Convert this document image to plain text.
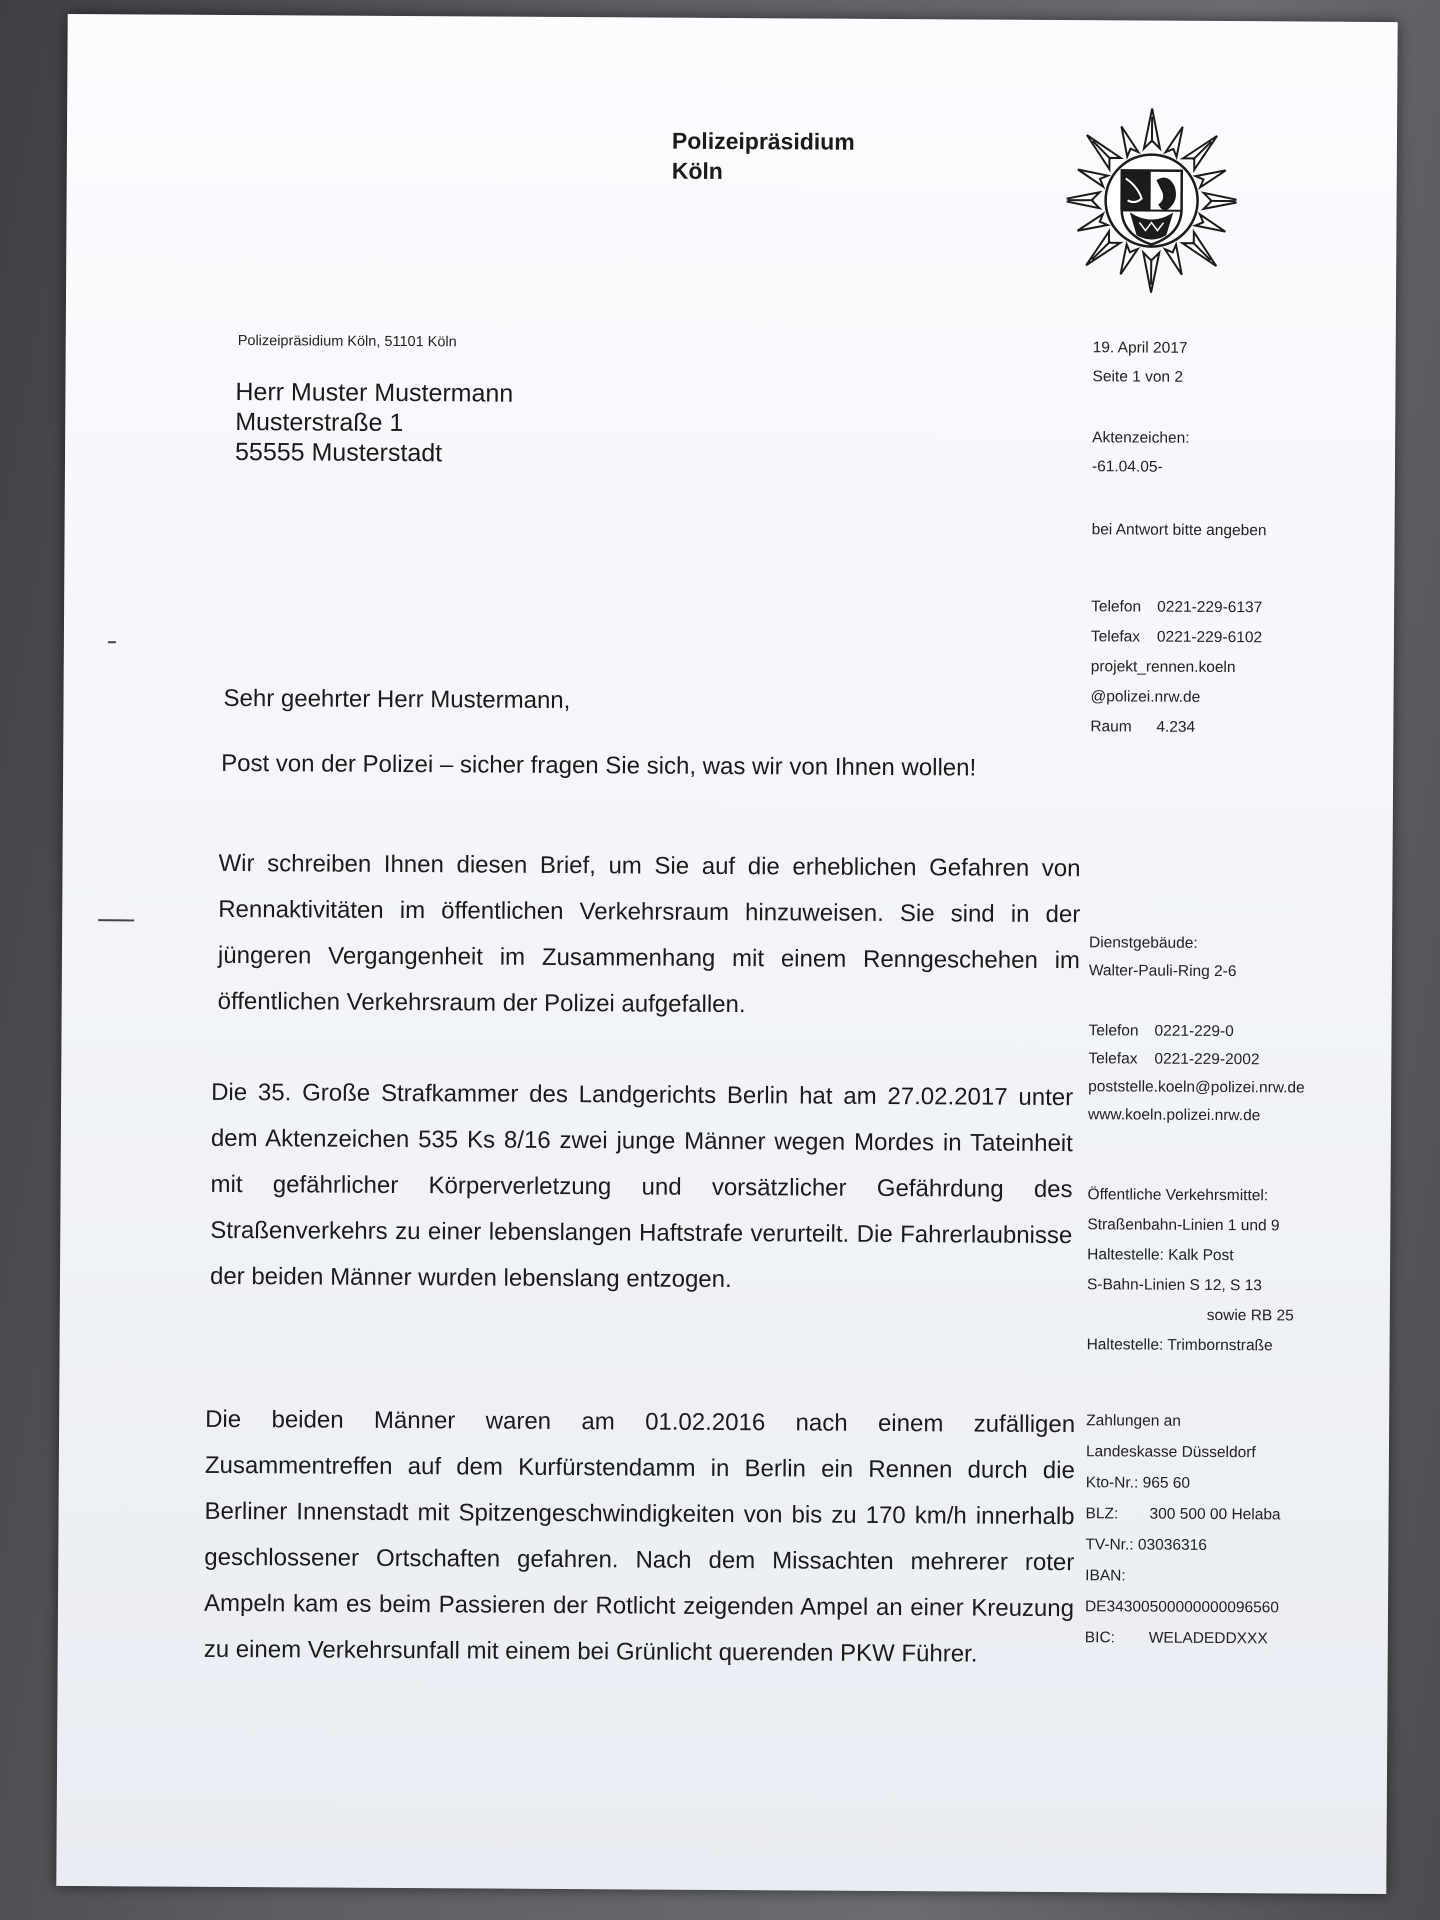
Polizeipräsidium
Köln
Polizeipräsidium Köln, 51101 Köln
Herr Muster Mustermann
Musterstraße 1
55555 Musterstadt
19. April 2017
Seite 1 von 2
Aktenzeichen:
-61.04.05-
bei Antwort bitte angeben
Telefon	0221-229-6137
Telefax	0221-229-6102
projekt_rennen.koeln
@polizei.nrw.de
Raum	4.234
Dienstgebäude:
Walter-Pauli-Ring 2-6
Telefon	0221-229-0
Telefax	0221-229-2002
poststelle.koeln@polizei.nrw.de
www.koeln.polizei.nrw.de
Öffentliche Verkehrsmittel:
Straßenbahn-Linien 1 und 9
Haltestelle: Kalk Post
S-Bahn-Linien S 12, S 13
sowie RB 25
Haltestelle: Trimbornstraße
Zahlungen an
Landeskasse Düsseldorf
Kto-Nr.: 965 60
BLZ:	300 500 00 Helaba
TV-Nr.: 03036316
IBAN:
DE34300500000000096560
BIC:	WELADEDDXXX
Sehr geehrter Herr Mustermann,
Post von der Polizei – sicher fragen Sie sich, was wir von Ihnen wollen!
Wir schreiben Ihnen diesen Brief, um Sie auf die erheblichen Gefahren von Rennaktivitäten im öffentlichen Verkehrsraum hinzuweisen. Sie sind in der jüngeren Vergangenheit im Zusammenhang mit einem Renngeschehen im öffentlichen Verkehrsraum der Polizei aufgefallen.
Die 35. Große Strafkammer des Landgerichts Berlin hat am 27.02.2017 unter dem Aktenzeichen 535 Ks 8/16 zwei junge Männer wegen Mordes in Tateinheit mit gefährlicher Körperverletzung und vorsätzlicher Gefährdung des Straßenverkehrs zu einer lebenslangen Haftstrafe verurteilt. Die Fahrerlaubnisse der beiden Männer wurden lebenslang entzogen.
Die beiden Männer waren am 01.02.2016 nach einem zufälligen Zusammentreffen auf dem Kurfürstendamm in Berlin ein Rennen durch die Berliner Innenstadt mit Spitzengeschwindigkeiten von bis zu 170 km/h innerhalb geschlossener Ortschaften gefahren. Nach dem Missachten mehrerer roter Ampeln kam es beim Passieren der Rotlicht zeigenden Ampel an einer Kreuzung zu einem Verkehrsunfall mit einem bei Grünlicht querenden PKW Führer.
